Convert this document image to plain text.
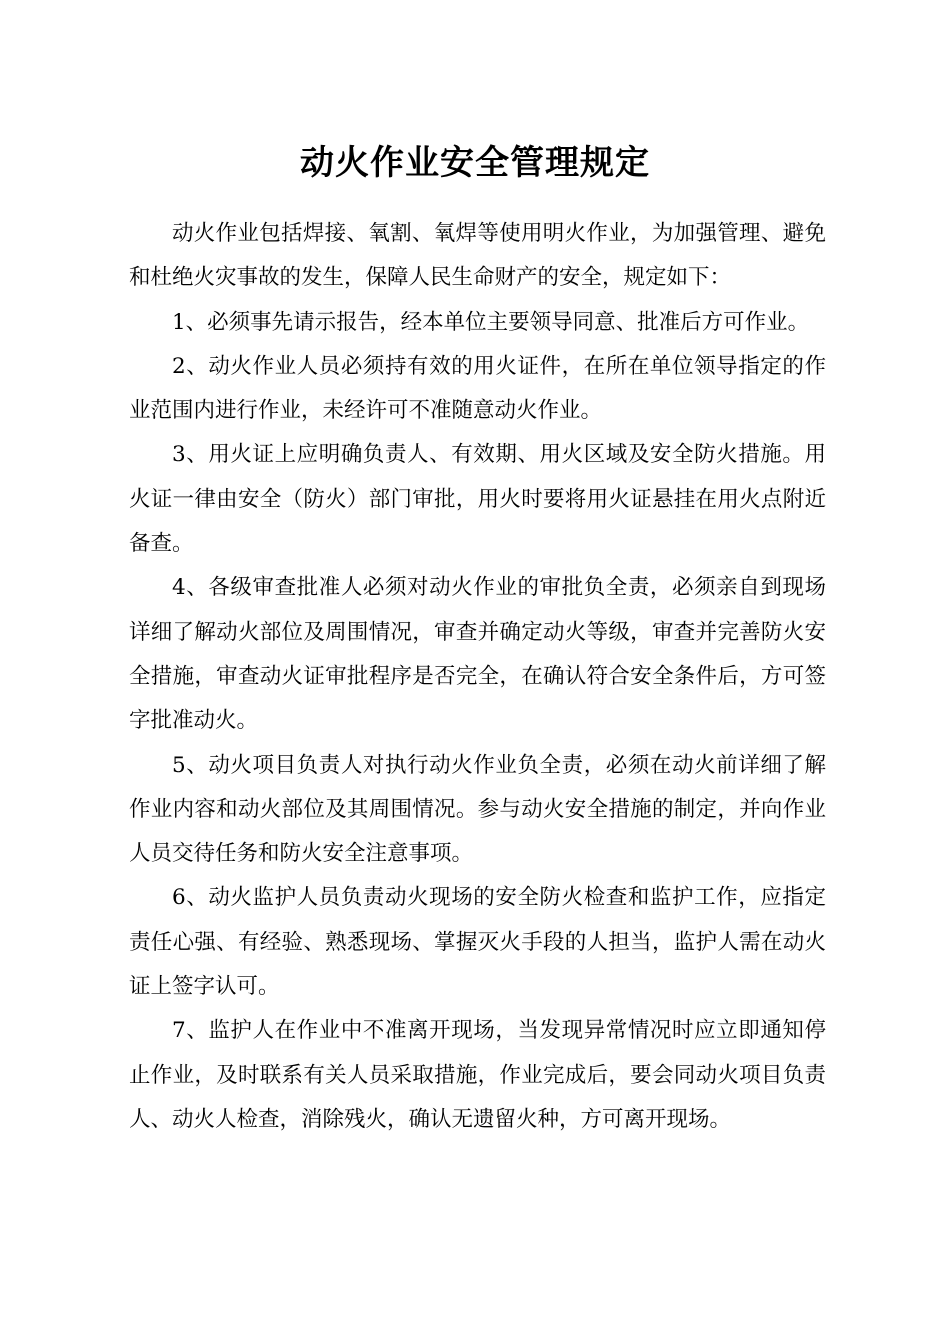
动火作业安全管理规定

动火作业包括焊接、氧割、氧焊等使用明火作业，为加强管理、避免和杜绝火灾事故的发生，保障人民生命财产的安全，规定如下：

1、必须事先请示报告，经本单位主要领导同意、批准后方可作业。

2、动火作业人员必须持有效的用火证件，在所在单位领导指定的作业范围内进行作业，未经许可不准随意动火作业。

3、用火证上应明确负责人、有效期、用火区域及安全防火措施。用火证一律由安全（防火）部门审批，用火时要将用火证悬挂在用火点附近备查。

4、各级审查批准人必须对动火作业的审批负全责，必须亲自到现场详细了解动火部位及周围情况，审查并确定动火等级，审查并完善防火安全措施，审查动火证审批程序是否完全，在确认符合安全条件后，方可签字批准动火。

5、动火项目负责人对执行动火作业负全责，必须在动火前详细了解作业内容和动火部位及其周围情况。参与动火安全措施的制定，并向作业人员交待任务和防火安全注意事项。

6、动火监护人员负责动火现场的安全防火检查和监护工作，应指定责任心强、有经验、熟悉现场、掌握灭火手段的人担当，监护人需在动火证上签字认可。

7、监护人在作业中不准离开现场，当发现异常情况时应立即通知停止作业，及时联系有关人员采取措施，作业完成后，要会同动火项目负责人、动火人检查，消除残火，确认无遗留火种，方可离开现场。
